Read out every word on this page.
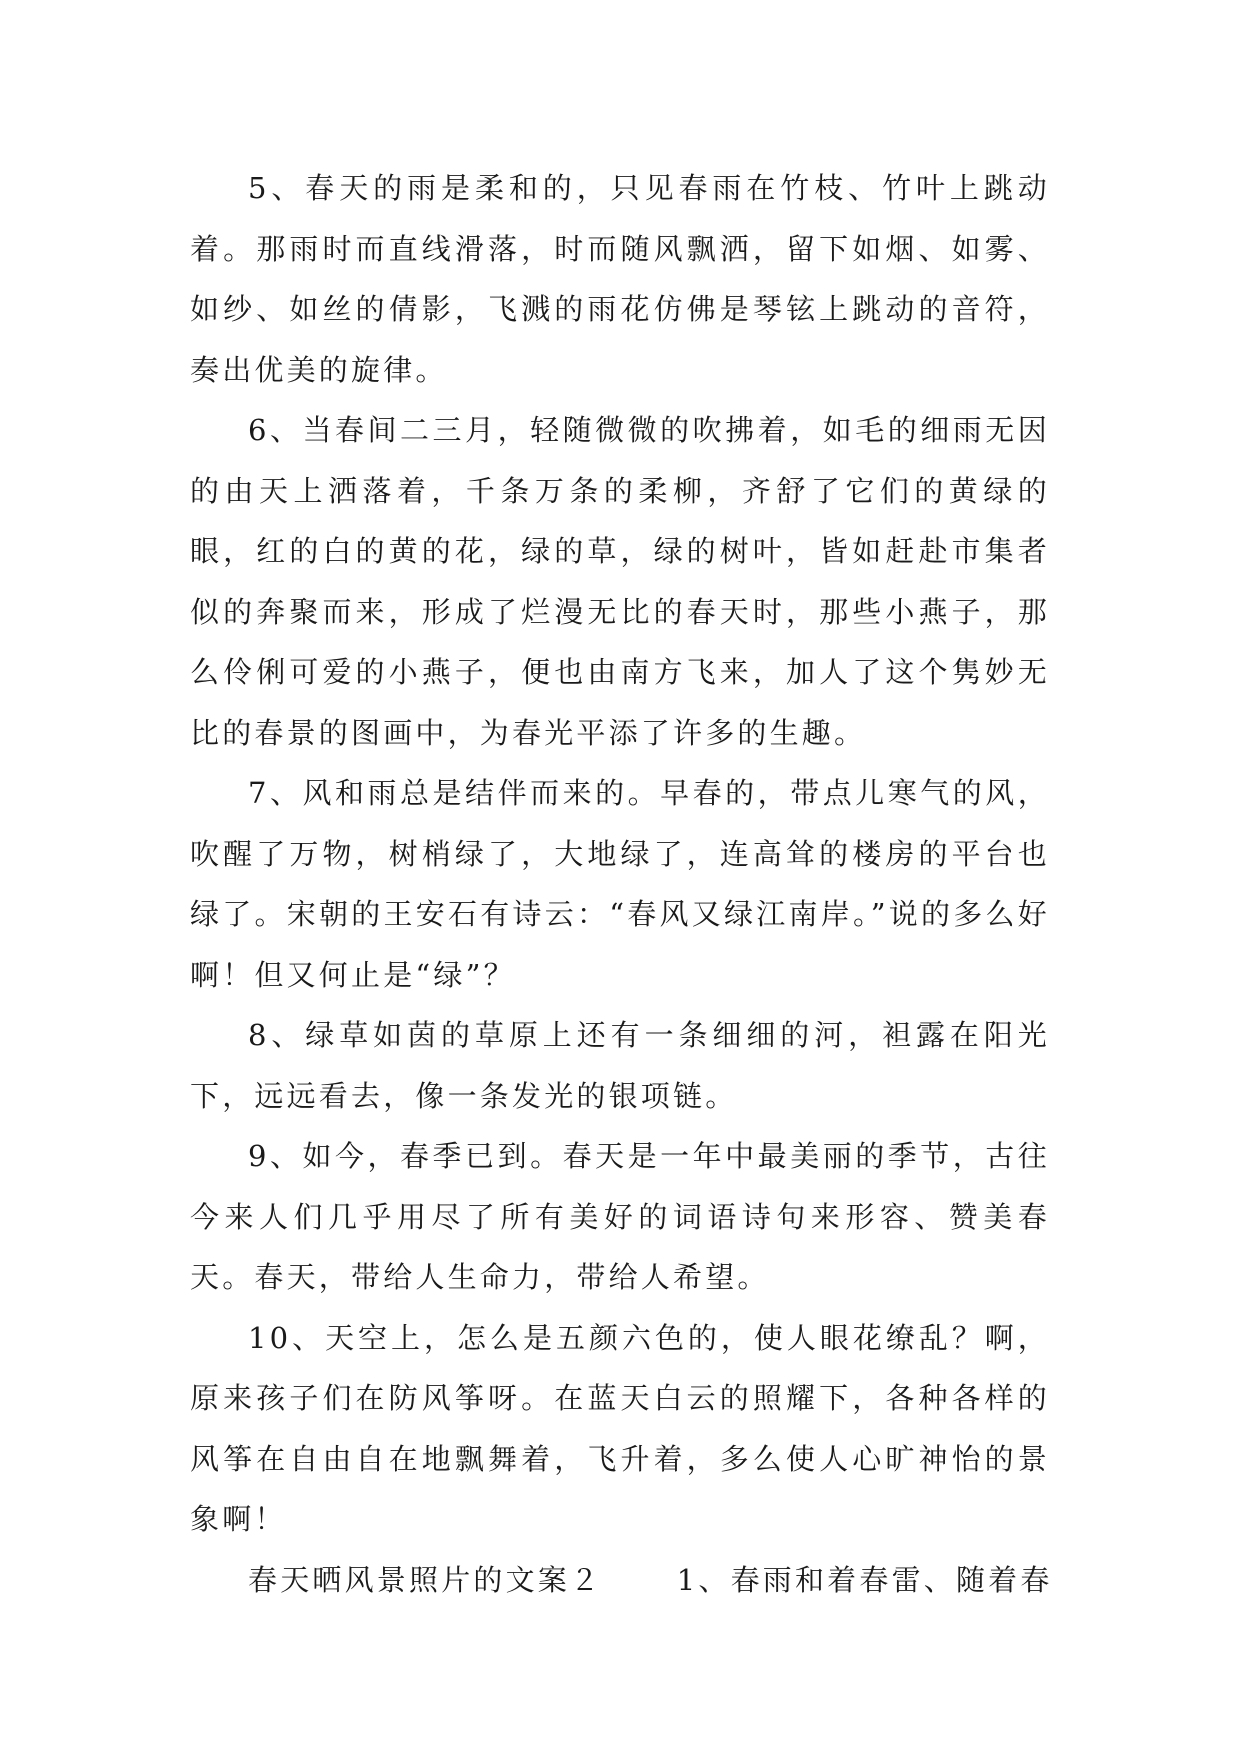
5、春天的雨是柔和的，只见春雨在竹枝、竹叶上跳动着。那雨时而直线滑落，时而随风飘洒，留下如烟、如雾、如纱、如丝的倩影，飞溅的雨花仿佛是琴铉上跳动的音符，奏出优美的旋律。

6、当春间二三月，轻随微微的吹拂着，如毛的细雨无因的由天上洒落着，千条万条的柔柳，齐舒了它们的黄绿的眼，红的白的黄的花，绿的草，绿的树叶，皆如赶赴市集者似的奔聚而来，形成了烂漫无比的春天时，那些小燕子，那么伶俐可爱的小燕子，便也由南方飞来，加人了这个隽妙无比的春景的图画中，为春光平添了许多的生趣。

7、风和雨总是结伴而来的。早春的，带点儿寒气的风，吹醒了万物，树梢绿了，大地绿了，连高耸的楼房的平台也绿了。宋朝的王安石有诗云：“春风又绿江南岸。”说的多么好啊！但又何止是“绿”？

8、绿草如茵的草原上还有一条细细的河，袒露在阳光下，远远看去，像一条发光的银项链。

9、如今，春季已到。春天是一年中最美丽的季节，古往今来人们几乎用尽了所有美好的词语诗句来形容、赞美春天。春天，带给人生命力，带给人希望。

10、天空上，怎么是五颜六色的，使人眼花缭乱？啊，原来孩子们在防风筝呀。在蓝天白云的照耀下，各种各样的风筝在自由自在地飘舞着，飞升着，多么使人心旷神怡的景象啊！

春天晒风景照片的文案２	1、春雨和着春雷、随着春
